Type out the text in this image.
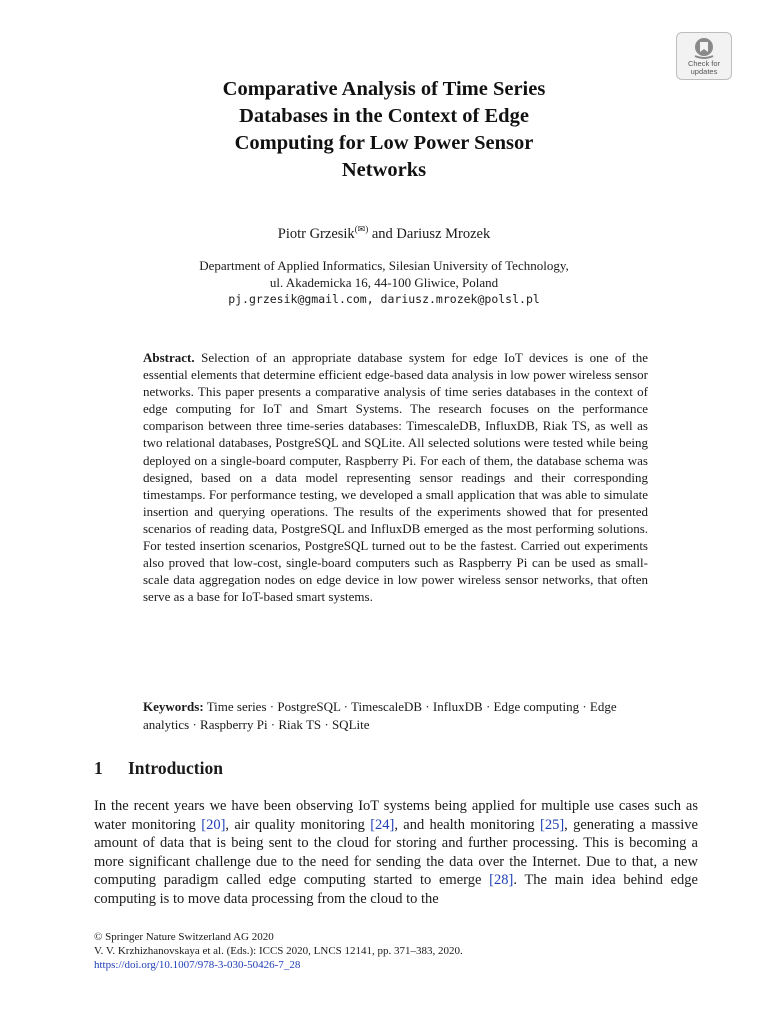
Check for
updates
Comparative Analysis of Time Series
Databases in the Context of Edge
Computing for Low Power Sensor
Networks
Piotr Grzesik(✉) and Dariusz Mrozek
Department of Applied Informatics, Silesian University of Technology,
ul. Akademicka 16, 44-100 Gliwice, Poland
pj.grzesik@gmail.com, dariusz.mrozek@polsl.pl
Abstract. Selection of an appropriate database system for edge IoT devices is one of the essential elements that determine efficient edge-based data analysis in low power wireless sensor networks. This paper presents a comparative analysis of time series databases in the context of edge computing for IoT and Smart Systems. The research focuses on the performance comparison between three time-series databases: TimescaleDB, InfluxDB, Riak TS, as well as two relational databases, PostgreSQL and SQLite. All selected solutions were tested while being deployed on a single-board computer, Raspberry Pi. For each of them, the database schema was designed, based on a data model representing sensor readings and their corresponding timestamps. For performance testing, we developed a small application that was able to simulate insertion and querying operations. The results of the experiments showed that for presented scenarios of reading data, PostgreSQL and InfluxDB emerged as the most performing solutions. For tested insertion scenarios, PostgreSQL turned out to be the fastest. Carried out experiments also proved that low-cost, single-board computers such as Raspberry Pi can be used as small-scale data aggregation nodes on edge device in low power wireless sensor networks, that often serve as a base for IoT-based smart systems.
Keywords: Time series · PostgreSQL · TimescaleDB · InfluxDB · Edge computing · Edge analytics · Raspberry Pi · Riak TS · SQLite
1 Introduction
In the recent years we have been observing IoT systems being applied for multiple use cases such as water monitoring [20], air quality monitoring [24], and health monitoring [25], generating a massive amount of data that is being sent to the cloud for storing and further processing. This is becoming a more significant challenge due to the need for sending the data over the Internet. Due to that, a new computing paradigm called edge computing started to emerge [28]. The main idea behind edge computing is to move data processing from the cloud to the
© Springer Nature Switzerland AG 2020
V. V. Krzhizhanovskaya et al. (Eds.): ICCS 2020, LNCS 12141, pp. 371–383, 2020.
https://doi.org/10.1007/978-3-030-50426-7_28
